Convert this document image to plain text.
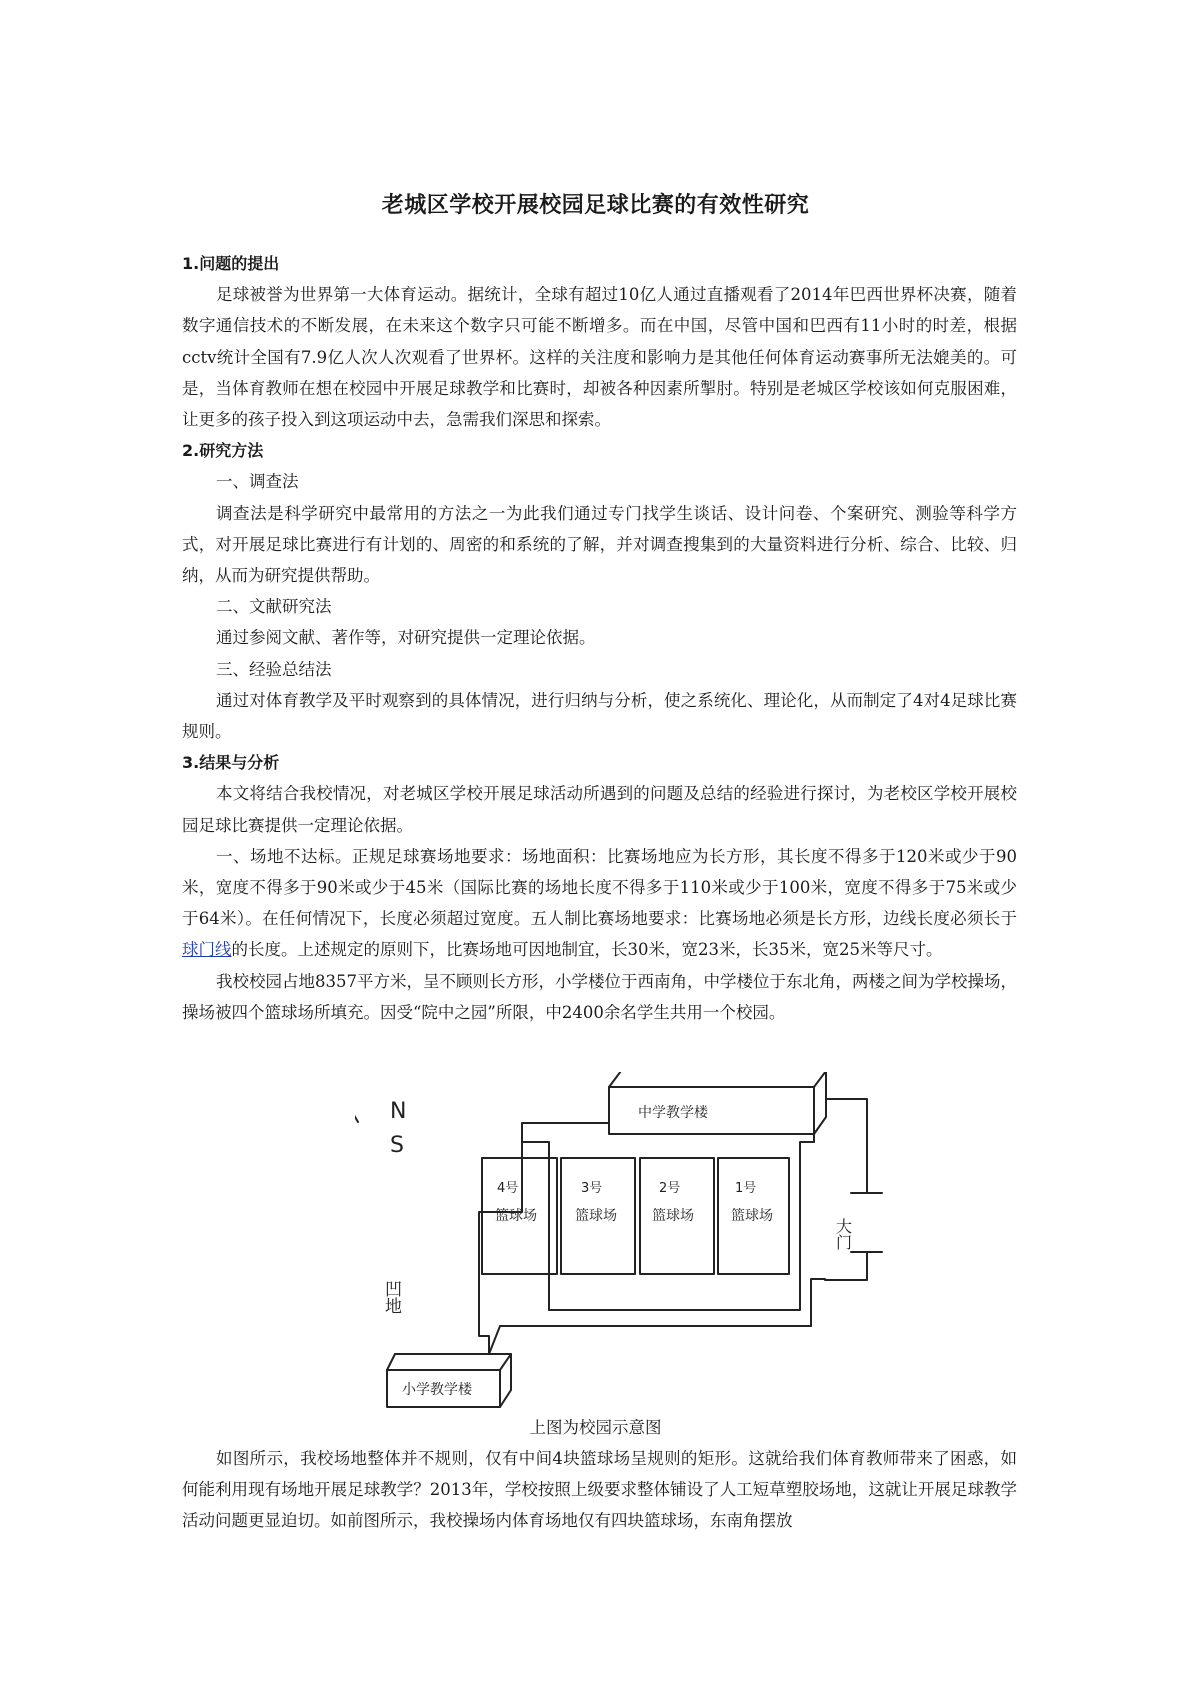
老城区学校开展校园足球比赛的有效性研究

1.问题的提出

足球被誉为世界第一大体育运动。据统计，全球有超过10亿人通过直播观看了2014年巴西世界杯决赛，随着数字通信技术的不断发展，在未来这个数字只可能不断增多。而在中国，尽管中国和巴西有11小时的时差，根据cctv统计全国有7.9亿人次人次观看了世界杯。这样的关注度和影响力是其他任何体育运动赛事所无法媲美的。可是，当体育教师在想在校园中开展足球教学和比赛时，却被各种因素所掣肘。特别是老城区学校该如何克服困难，让更多的孩子投入到这项运动中去，急需我们深思和探索。

2.研究方法

一、调查法

调查法是科学研究中最常用的方法之一为此我们通过专门找学生谈话、设计问卷、个案研究、测验等科学方式，对开展足球比赛进行有计划的、周密的和系统的了解，并对调查搜集到的大量资料进行分析、综合、比较、归纳，从而为研究提供帮助。

二、文献研究法

通过参阅文献、著作等，对研究提供一定理论依据。

三、经验总结法

通过对体育教学及平时观察到的具体情况，进行归纳与分析，使之系统化、理论化，从而制定了4对4足球比赛规则。

3.结果与分析

本文将结合我校情况，对老城区学校开展足球活动所遇到的问题及总结的经验进行探讨，为老校区学校开展校园足球比赛提供一定理论依据。

一、场地不达标。正规足球赛场地要求：场地面积：比赛场地应为长方形，其长度不得多于120米或少于90米，宽度不得多于90米或少于45米（国际比赛的场地长度不得多于110米或少于100米，宽度不得多于75米或少于64米）。在任何情况下，长度必须超过宽度。五人制比赛场地要求：比赛场地必须是长方形，边线长度必须长于球门线的长度。上述规定的原则下，比赛场地可因地制宜，长30米，宽23米，长35米，宽25米等尺寸。

我校校园占地8357平方米，呈不顾则长方形，小学楼位于西南角，中学楼位于东北角，两楼之间为学校操场，操场被四个篮球场所填充。因受“院中之园”所限，中2400余名学生共用一个校园。

N
S
中学教学楼
小学教学楼
大门
凹地
4号
篮球场
3号
篮球场
2号
篮球场
1号
篮球场
上图为校园示意图

如图所示，我校场地整体并不规则，仅有中间4块篮球场呈规则的矩形。这就给我们体育教师带来了困惑，如何能利用现有场地开展足球教学？2013年，学校按照上级要求整体铺设了人工短草塑胶场地，这就让开展足球教学活动问题更显迫切。如前图所示，我校操场内体育场地仅有四块篮球场，东南角摆放
